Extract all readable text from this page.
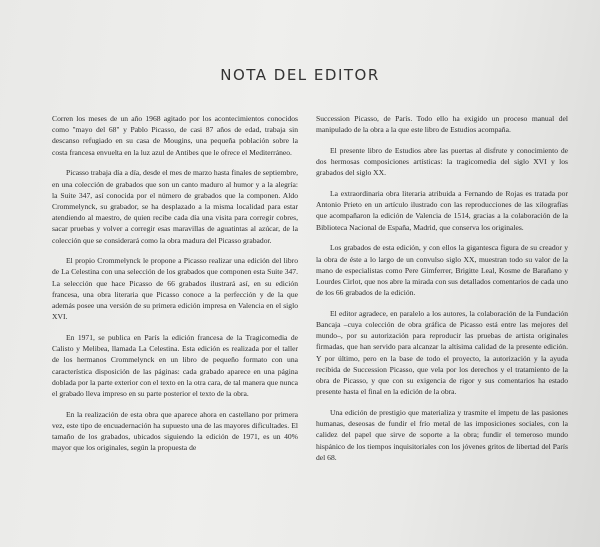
NOTA DEL EDITOR

Corren los meses de un año 1968 agitado por los acontecimientos conocidos como "mayo del 68" y Pablo Picasso, de casi 87 años de edad, trabaja sin descanso refugiado en su casa de Mougins, una pequeña población sobre la costa francesa envuelta en la luz azul de Antibes que le ofrece el Mediterráneo.

Picasso trabaja día a día, desde el mes de marzo hasta finales de septiembre, en una colección de grabados que son un canto maduro al humor y a la alegría: la Suite 347, así conocida por el número de grabados que la componen. Aldo Crommelynck, su grabador, se ha desplazado a la misma localidad para estar atendiendo al maestro, de quien recibe cada día una visita para corregir cobres, sacar pruebas y volver a corregir esas maravillas de aguatintas al azúcar, de la colección que se considerará como la obra madura del Picasso grabador.

El propio Crommelynck le propone a Picasso realizar una edición del libro de La Celestina con una selección de los grabados que componen esta Suite 347. La selección que hace Picasso de 66 grabados ilustrará así, en su edición francesa, una obra literaria que Picasso conoce a la perfección y de la que además posee una versión de su primera edición impresa en Valencia en el siglo XVI.

En 1971, se publica en París la edición francesa de la Tragicomedia de Calisto y Melibea, llamada La Celestina. Esta edición es realizada por el taller de los hermanos Crommelynck en un libro de pequeño formato con una característica disposición de las páginas: cada grabado aparece en una página doblada por la parte exterior con el texto en la otra cara, de tal manera que nunca el grabado lleva impreso en su parte posterior el texto de la obra.

En la realización de esta obra que aparece ahora en castellano por primera vez, este tipo de encuadernación ha supuesto una de las mayores dificultades. El tamaño de los grabados, ubicados siguiendo la edición de 1971, es un 40% mayor que los originales, según la propuesta de

Succession Picasso, de París. Todo ello ha exigido un proceso manual del manipulado de la obra a la que este libro de Estudios acompaña.

El presente libro de Estudios abre las puertas al disfrute y conocimiento de dos hermosas composiciones artísticas: la tragicomedia del siglo XVI y los grabados del siglo XX.

La extraordinaria obra literaria atribuida a Fernando de Rojas es tratada por Antonio Prieto en un artículo ilustrado con las reproducciones de las xilografías que acompañaron la edición de Valencia de 1514, gracias a la colaboración de la Biblioteca Nacional de España, Madrid, que conserva los originales.

Los grabados de esta edición, y con ellos la gigantesca figura de su creador y la obra de éste a lo largo de un convulso siglo XX, muestran todo su valor de la mano de especialistas como Pere Gimferrer, Brigitte Leal, Kosme de Barañano y Lourdes Cirlot, que nos abre la mirada con sus detallados comentarios de cada uno de los 66 grabados de la edición.

El editor agradece, en paralelo a los autores, la colaboración de la Fundación Bancaja –cuya colección de obra gráfica de Picasso está entre las mejores del mundo–, por su autorización para reproducir las pruebas de artista originales firmadas, que han servido para alcanzar la altísima calidad de la presente edición. Y por último, pero en la base de todo el proyecto, la autorización y la ayuda recibida de Succession Picasso, que vela por los derechos y el tratamiento de la obra de Picasso, y que con su exigencia de rigor y sus comentarios ha estado presente hasta el final en la edición de la obra.

Una edición de prestigio que materializa y trasmite el ímpetu de las pasiones humanas, deseosas de fundir el frío metal de las imposiciones sociales, con la calidez del papel que sirve de soporte a la obra; fundir el temeroso mundo hispánico de los tiempos inquisitoriales con los jóvenes gritos de libertad del París del 68.
